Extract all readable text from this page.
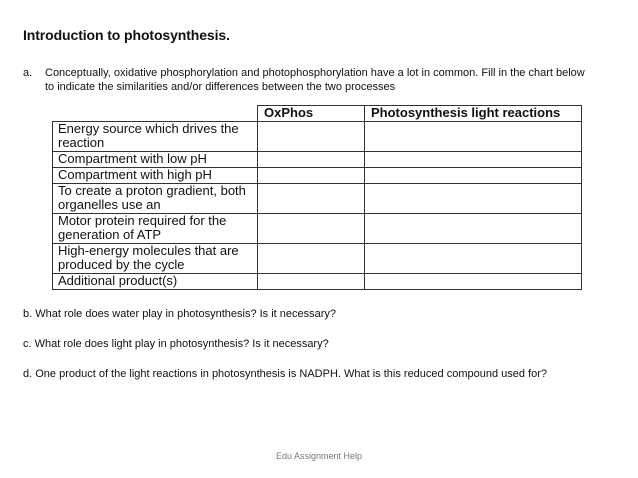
Introduction to photosynthesis.
a. Conceptually, oxidative phosphorylation and photophosphorylation have a lot in common. Fill in the chart below to indicate the similarities and/or differences between the two processes
	OxPhos	Photosynthesis light reactions
Energy source which drives the reaction		
Compartment with low pH		
Compartment with high pH		
To create a proton gradient, both organelles use an		
Motor protein required for the generation of ATP		
High-energy molecules that are produced by the cycle		
Additional product(s)		
b. What role does water play in photosynthesis? Is it necessary?
c. What role does light play in photosynthesis? Is it necessary?
d. One product of the light reactions in photosynthesis is NADPH. What is this reduced compound used for?
Edu Assignment Help
